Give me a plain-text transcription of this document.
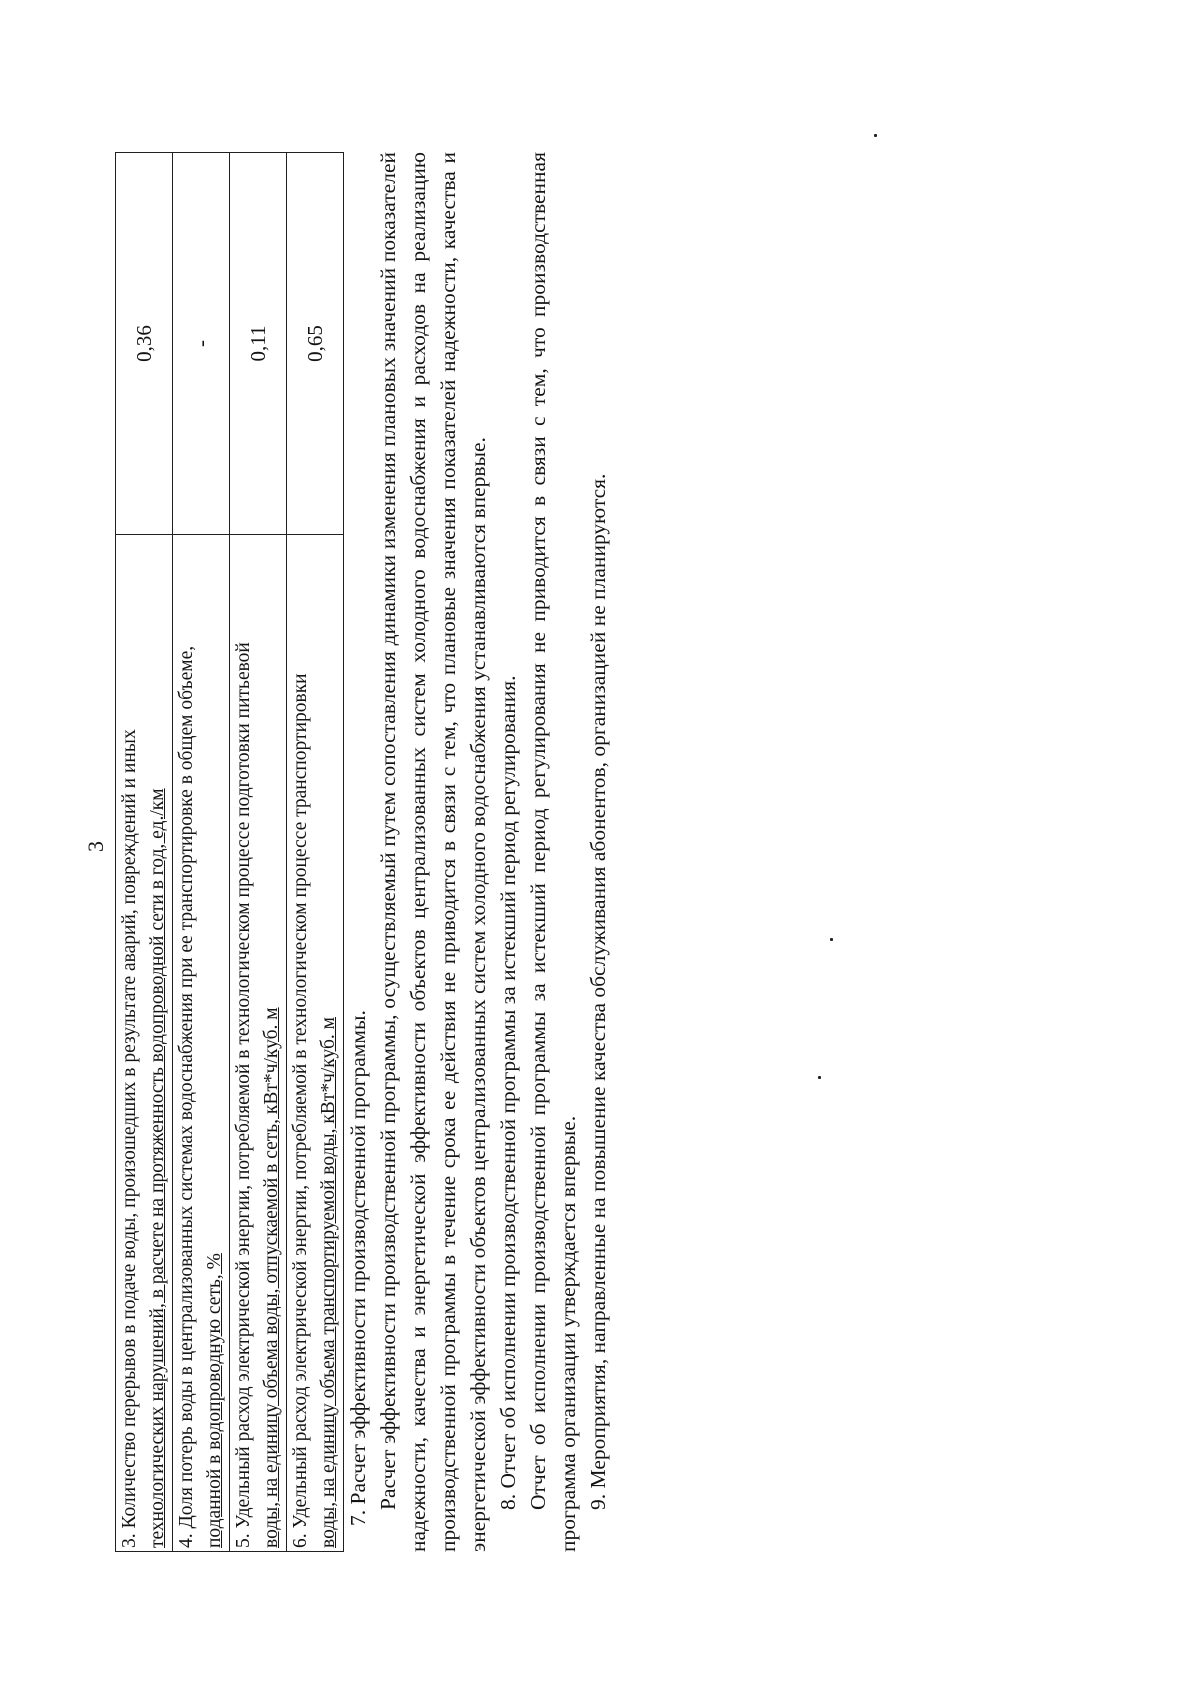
3 3. Количество перерывов в подаче воды, произошедших в результате аварий, повреждений и иных технологических нарушений, в расчете на протяженность водопроводной сети в год, ед./км	0,36
4. Доля потерь воды в централизованных системах водоснабжения при ее транспортировке в общем объеме, поданной в водопроводную сеть, %	-
5. Удельный расход электрической энергии, потребляемой в технологическом процессе подготовки питьевой воды, на единицу объема воды, отпускаемой в сеть, кВт*ч/куб. м	0,11
6. Удельный расход электрической энергии, потребляемой в технологическом процессе транспортировки воды, на единицу объема транспортируемой воды, кВт*ч/куб. м	0,65

7. Расчет эффективности производственной программы. Расчет эффективности производственной программы, осуществляемый путем сопоставления динамики изменения плановых значений показателей надежности, качества и энергетической эффективности объектов централизованных систем холодного водоснабжения и расходов на реализацию производственной программы в течение срока ее действия не приводится в связи с тем, что плановые значения показателей надежности, качества и энергетической эффективности объектов централизованных систем холодного водоснабжения устанавливаются впервые. 8. Отчет об исполнении производственной программы за истекший период регулирования. Отчет об исполнении производственной программы за истекший период регулирования не приводится в связи с тем, что производственная программа организации утверждается впервые. 9. Мероприятия, направленные на повышение качества обслуживания абонентов, организацией не планируются.
